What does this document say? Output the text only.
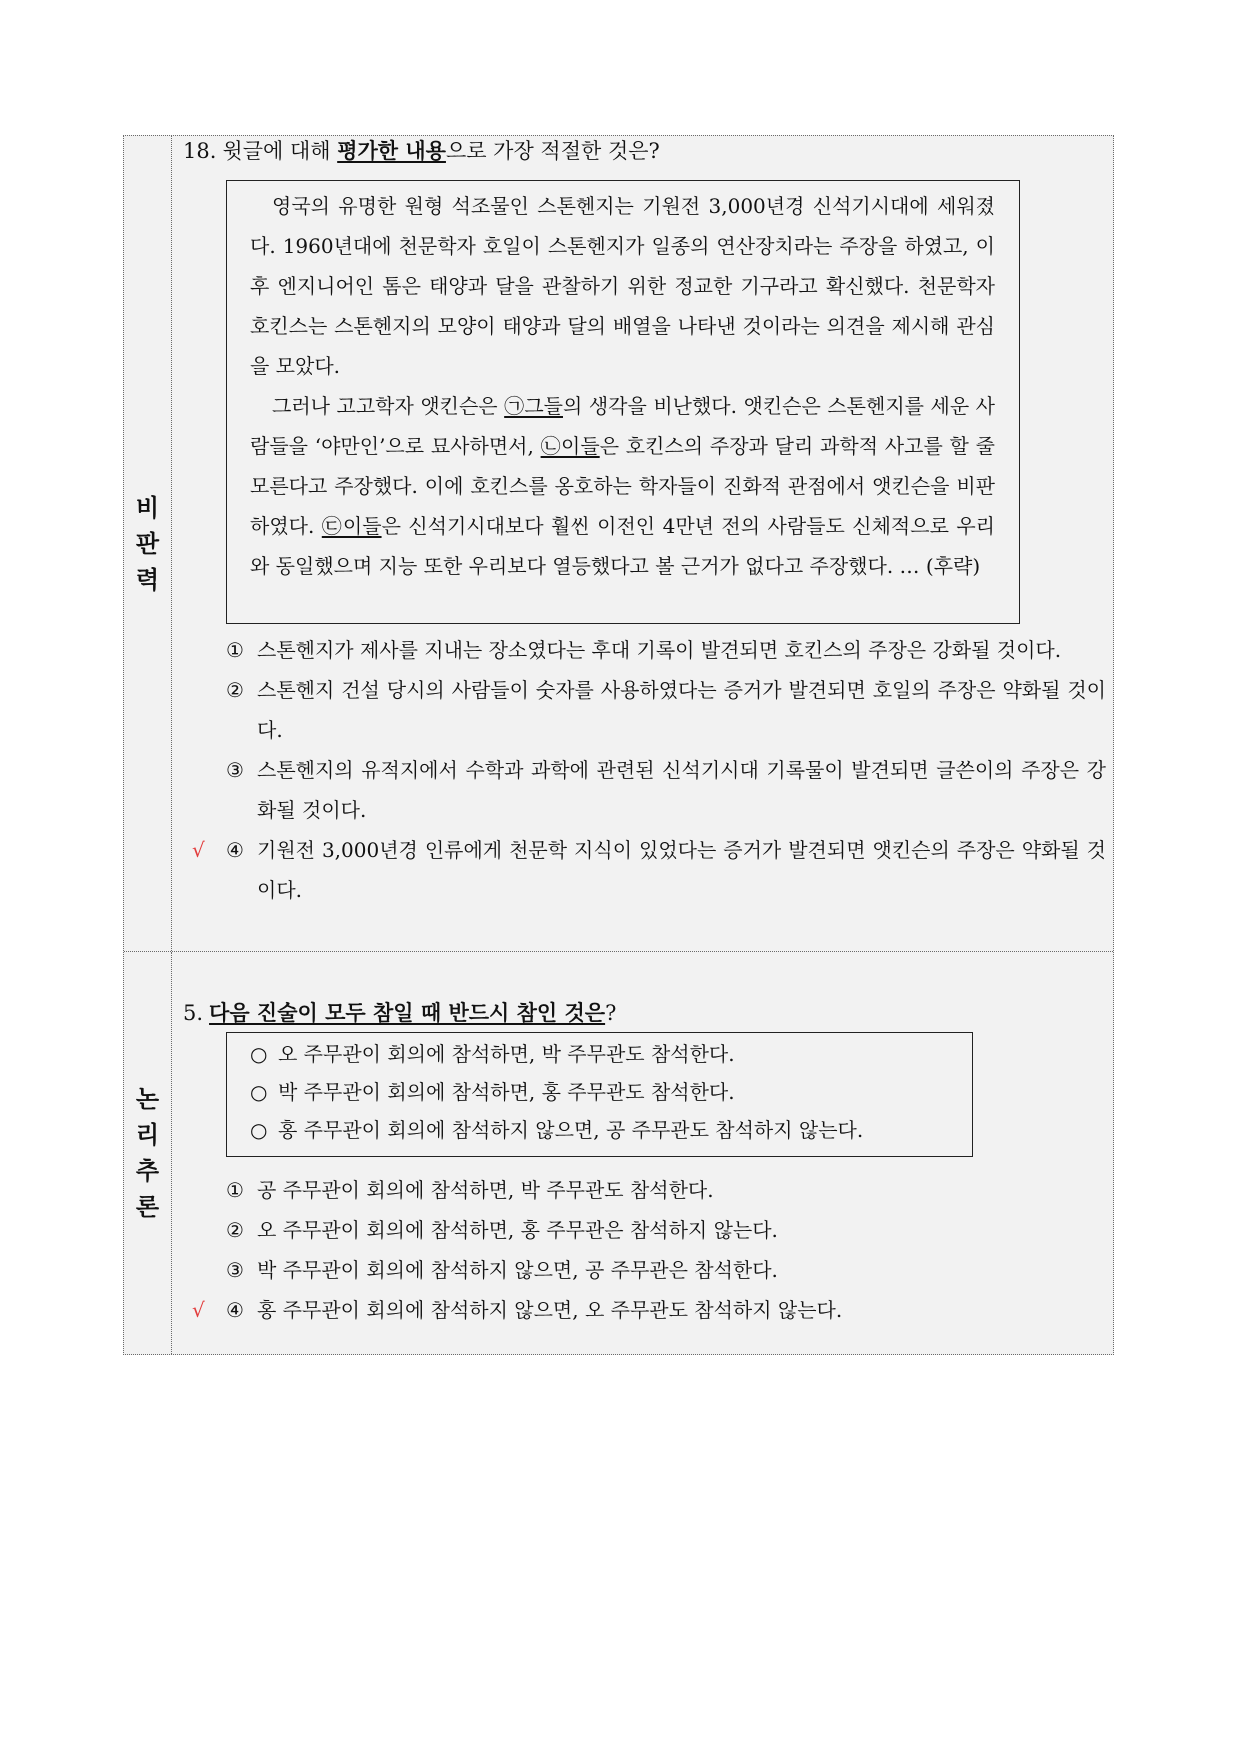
비판력
18. 윗글에 대해 평가한 내용으로 가장 적절한 것은?

영국의 유명한 원형 석조물인 스톤헨지는 기원전 3,000년경 신석기시대에 세워졌다. 1960년대에 천문학자 호일이 스톤헨지가 일종의 연산장치라는 주장을 하였고, 이후 엔지니어인 톰은 태양과 달을 관찰하기 위한 정교한 기구라고 확신했다. 천문학자 호킨스는 스톤헨지의 모양이 태양과 달의 배열을 나타낸 것이라는 의견을 제시해 관심을 모았다.

그러나 고고학자 앳킨슨은 ㉠그들의 생각을 비난했다. 앳킨슨은 스톤헨지를 세운 사람들을 ‘야만인’으로 묘사하면서, ㉡이들은 호킨스의 주장과 달리 과학적 사고를 할 줄 모른다고 주장했다. 이에 호킨스를 옹호하는 학자들이 진화적 관점에서 앳킨슨을 비판하였다. ㉢이들은 신석기시대보다 훨씬 이전인 4만년 전의 사람들도 신체적으로 우리와 동일했으며 지능 또한 우리보다 열등했다고 볼 근거가 없다고 주장했다. … (후략)

① 스톤헨지가 제사를 지내는 장소였다는 후대 기록이 발견되면 호킨스의 주장은 강화될 것이다.
② 스톤헨지 건설 당시의 사람들이 숫자를 사용하였다는 증거가 발견되면 호일의 주장은 약화될 것이다.
③ 스톤헨지의 유적지에서 수학과 과학에 관련된 신석기시대 기록물이 발견되면 글쓴이의 주장은 강화될 것이다.
√ ④ 기원전 3,000년경 인류에게 천문학 지식이 있었다는 증거가 발견되면 앳킨슨의 주장은 약화될 것이다.
논리추론
5. 다음 진술이 모두 참일 때 반드시 참인 것은?
○ 오 주무관이 회의에 참석하면, 박 주무관도 참석한다.
○ 박 주무관이 회의에 참석하면, 홍 주무관도 참석한다.
○ 홍 주무관이 회의에 참석하지 않으면, 공 주무관도 참석하지 않는다.
① 공 주무관이 회의에 참석하면, 박 주무관도 참석한다.
② 오 주무관이 회의에 참석하면, 홍 주무관은 참석하지 않는다.
③ 박 주무관이 회의에 참석하지 않으면, 공 주무관은 참석한다.
√ ④ 홍 주무관이 회의에 참석하지 않으면, 오 주무관도 참석하지 않는다.
